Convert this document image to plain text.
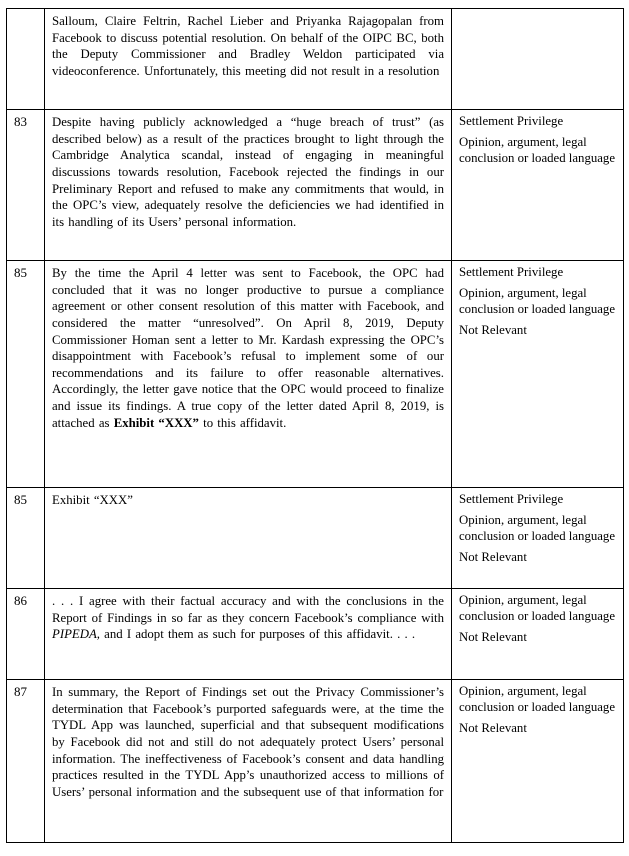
	Salloum, Claire Feltrin, Rachel Lieber and Priyanka Rajagopalan from Facebook to discuss potential resolution. On behalf of the OIPC BC, both the Deputy Commissioner and Bradley Weldon participated via videoconference. Unfortunately, this meeting did not result in a resolution	

83	Despite having publicly acknowledged a “huge breach of trust” (as described below) as a result of the practices brought to light through the Cambridge Analytica scandal, instead of engaging in meaningful discussions towards resolution, Facebook rejected the findings in our Preliminary Report and refused to make any commitments that would, in the OPC’s view, adequately resolve the deficiencies we had identified in its handling of its Users’ personal information.	Settlement Privilege

Opinion, argument, legal conclusion or loaded language

85	By the time the April 4 letter was sent to Facebook, the OPC had concluded that it was no longer productive to pursue a compliance agreement or other consent resolution of this matter with Facebook, and considered the matter “unresolved”. On April 8, 2019, Deputy Commissioner Homan sent a letter to Mr. Kardash expressing the OPC’s disappointment with Facebook’s refusal to implement some of our recommendations and its failure to offer reasonable alternatives. Accordingly, the letter gave notice that the OPC would proceed to finalize and issue its findings. A true copy of the letter dated April 8, 2019, is attached as Exhibit “XXX” to this affidavit.

Settlement Privilege

Opinion, argument, legal conclusion or loaded language

Not Relevant

85	Exhibit “XXX”	Settlement Privilege

Opinion, argument, legal conclusion or loaded language

Not Relevant

86	. . . I agree with their factual accuracy and with the conclusions in the Report of Findings in so far as they concern Facebook’s compliance with PIPEDA, and I adopt them as such for purposes of this affidavit. . . .	Opinion, argument, legal conclusion or loaded language

Not Relevant

87	In summary, the Report of Findings set out the Privacy Commissioner’s determination that Facebook’s purported safeguards were, at the time the TYDL App was launched, superficial and that subsequent modifications by Facebook did not and still do not adequately protect Users’ personal information. The ineffectiveness of Facebook’s consent and data handling practices resulted in the TYDL App’s unauthorized access to millions of Users’ personal information and the subsequent use of that information for	Opinion, argument, legal conclusion or loaded language

Not Relevant
